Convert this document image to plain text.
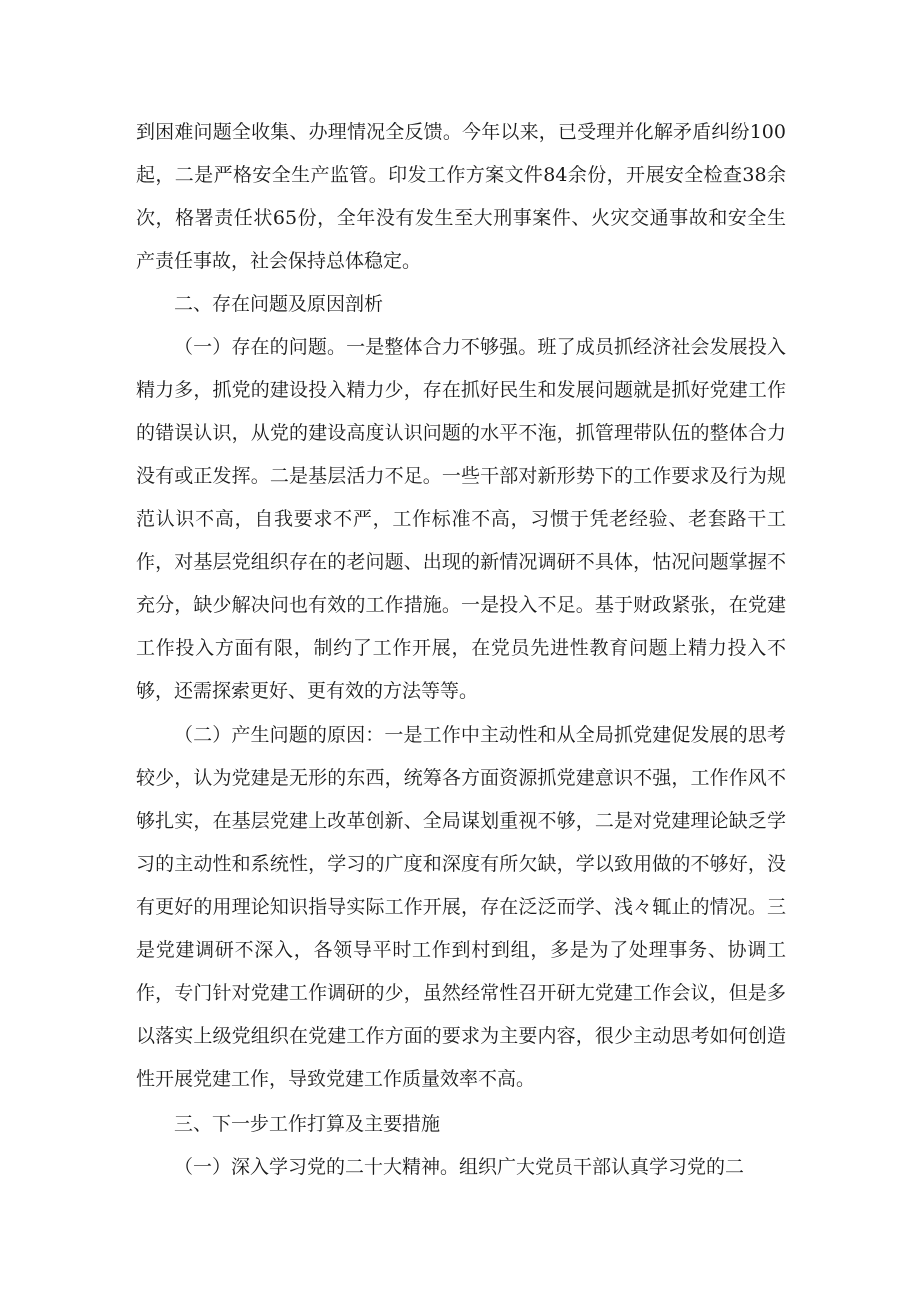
到困难问题全收集、办理情况全反馈。今年以来，已受理并化解矛盾纠纷100起，二是严格安全生产监管。印发工作方案文件84余份，开展安全检查38余次，格署责任状65份，全年没有发生至大刑事案件、火灾交通事故和安全生产责任事故，社会保持总体稳定。

二、存在问题及原因剖析

（一）存在的问题。一是整体合力不够强。班了成员抓经济社会发展投入精力多，抓党的建设投入精力少，存在抓好民生和发展问题就是抓好党建工作的错误认识，从党的建设高度认识问题的水平不沲，抓管理带队伍的整体合力没有或正发挥。二是基层活力不足。一些干部对新形势下的工作要求及行为规范认识不高，自我要求不严，工作标准不高，习惯于凭老经验、老套路干工作，对基层党组织存在的老问题、出现的新情况调研不具体，怙况问题掌握不充分，缺少解决问也有效的工作措施。一是投入不足。基于财政紧张，在党建工作投入方面有限，制约了工作开展，在党员先进性教育问题上精力投入不够，还需探索更好、更有效的方法等等。

（二）产生问题的原因：一是工作中主动性和从全局抓党建促发展的思考较少，认为党建是无形的东西，统筹各方面资源抓党建意识不强，工作作风不够扎实，在基层党建上改革创新、全局谋划重视不够，二是对党建理论缺乏学习的主动性和系统性，学习的广度和深度有所欠缺，学以致用做的不够好，没有更好的用理论知识指导实际工作开展，存在泛泛而学、浅々辄止的情况。三是党建调研不深入，各领导平时工作到村到组，多是为了处理事务、协调工作，专门针对党建工作调研的少，虽然经常性召开研尢党建工作会议，但是多以落实上级党组织在党建工作方面的要求为主要内容，很少主动思考如何创造性开展党建工作，导致党建工作质量效率不高。

三、下一步工作打算及主要措施

（一）深入学习党的二十大精神。组织广大党员干部认真学习党的二
